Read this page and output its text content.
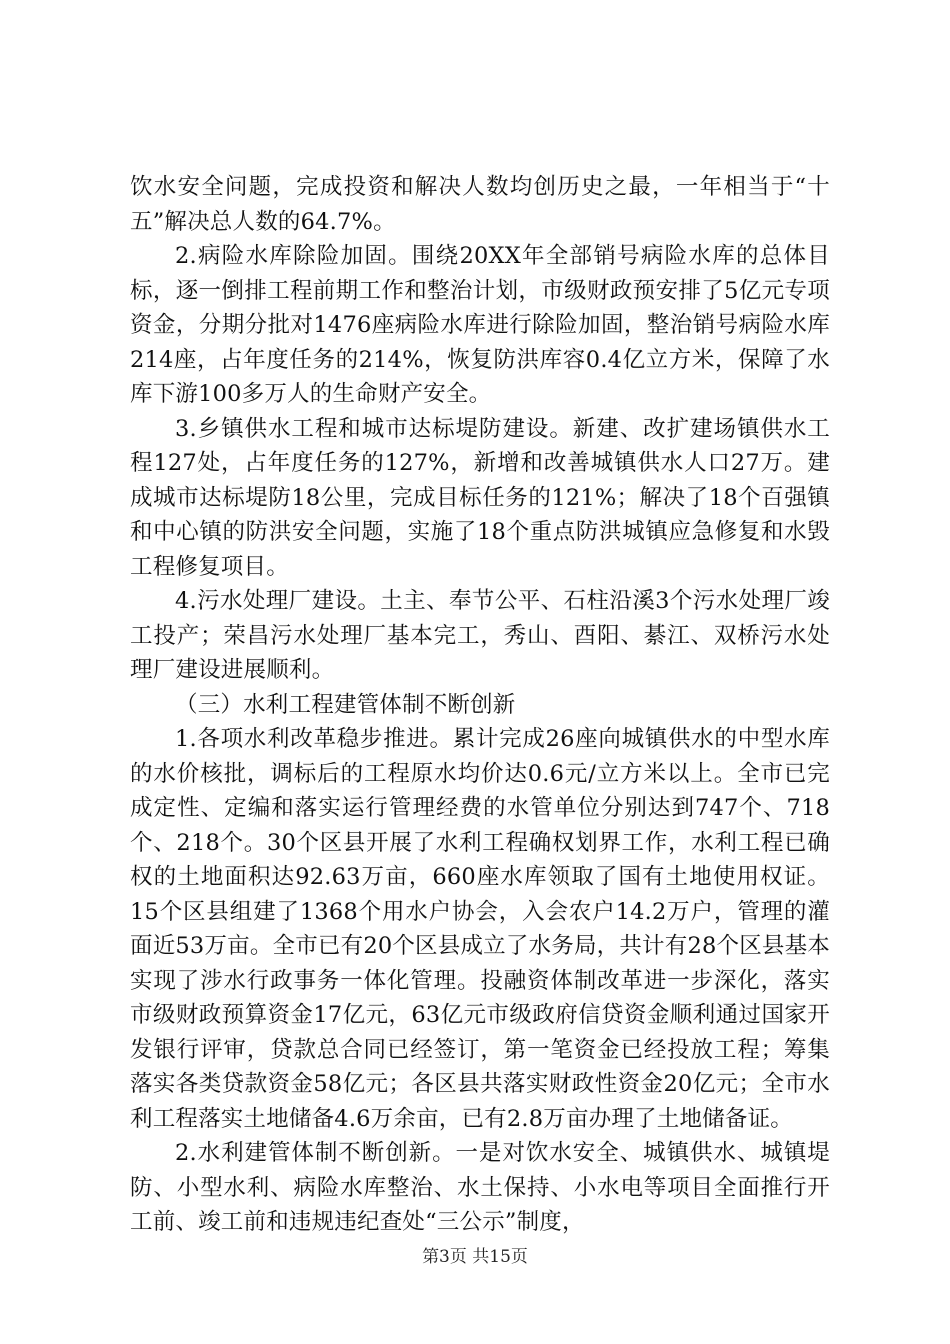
饮水安全问题，完成投资和解决人数均创历史之最，一年相当于“十五”解决总人数的64.7%。

2.病险水库除险加固。围绕20XX年全部销号病险水库的总体目标，逐一倒排工程前期工作和整治计划，市级财政预安排了5亿元专项资金，分期分批对1476座病险水库进行除险加固，整治销号病险水库214座，占年度任务的214%，恢复防洪库容0.4亿立方米，保障了水库下游100多万人的生命财产安全。

3.乡镇供水工程和城市达标堤防建设。新建、改扩建场镇供水工程127处，占年度任务的127%，新增和改善城镇供水人口27万。建成城市达标堤防18公里，完成目标任务的121%；解决了18个百强镇和中心镇的防洪安全问题，实施了18个重点防洪城镇应急修复和水毁工程修复项目。

4.污水处理厂建设。土主、奉节公平、石柱沿溪3个污水处理厂竣工投产；荣昌污水处理厂基本完工，秀山、酉阳、綦江、双桥污水处理厂建设进展顺利。

（三）水利工程建管体制不断创新

1.各项水利改革稳步推进。累计完成26座向城镇供水的中型水库的水价核批，调标后的工程原水均价达0.6元/立方米以上。全市已完成定性、定编和落实运行管理经费的水管单位分别达到747个、718个、218个。30个区县开展了水利工程确权划界工作，水利工程已确权的土地面积达92.63万亩，660座水库领取了国有土地使用权证。15个区县组建了1368个用水户协会，入会农户14.2万户，管理的灌面近53万亩。全市已有20个区县成立了水务局，共计有28个区县基本实现了涉水行政事务一体化管理。投融资体制改革进一步深化，落实市级财政预算资金17亿元，63亿元市级政府信贷资金顺利通过国家开发银行评审，贷款总合同已经签订，第一笔资金已经投放工程；筹集落实各类贷款资金58亿元；各区县共落实财政性资金20亿元；全市水利工程落实土地储备4.6万余亩，已有2.8万亩办理了土地储备证。

2.水利建管体制不断创新。一是对饮水安全、城镇供水、城镇堤防、小型水利、病险水库整治、水土保持、小水电等项目全面推行开工前、竣工前和违规违纪查处“三公示”制度，

第3页 共15页
